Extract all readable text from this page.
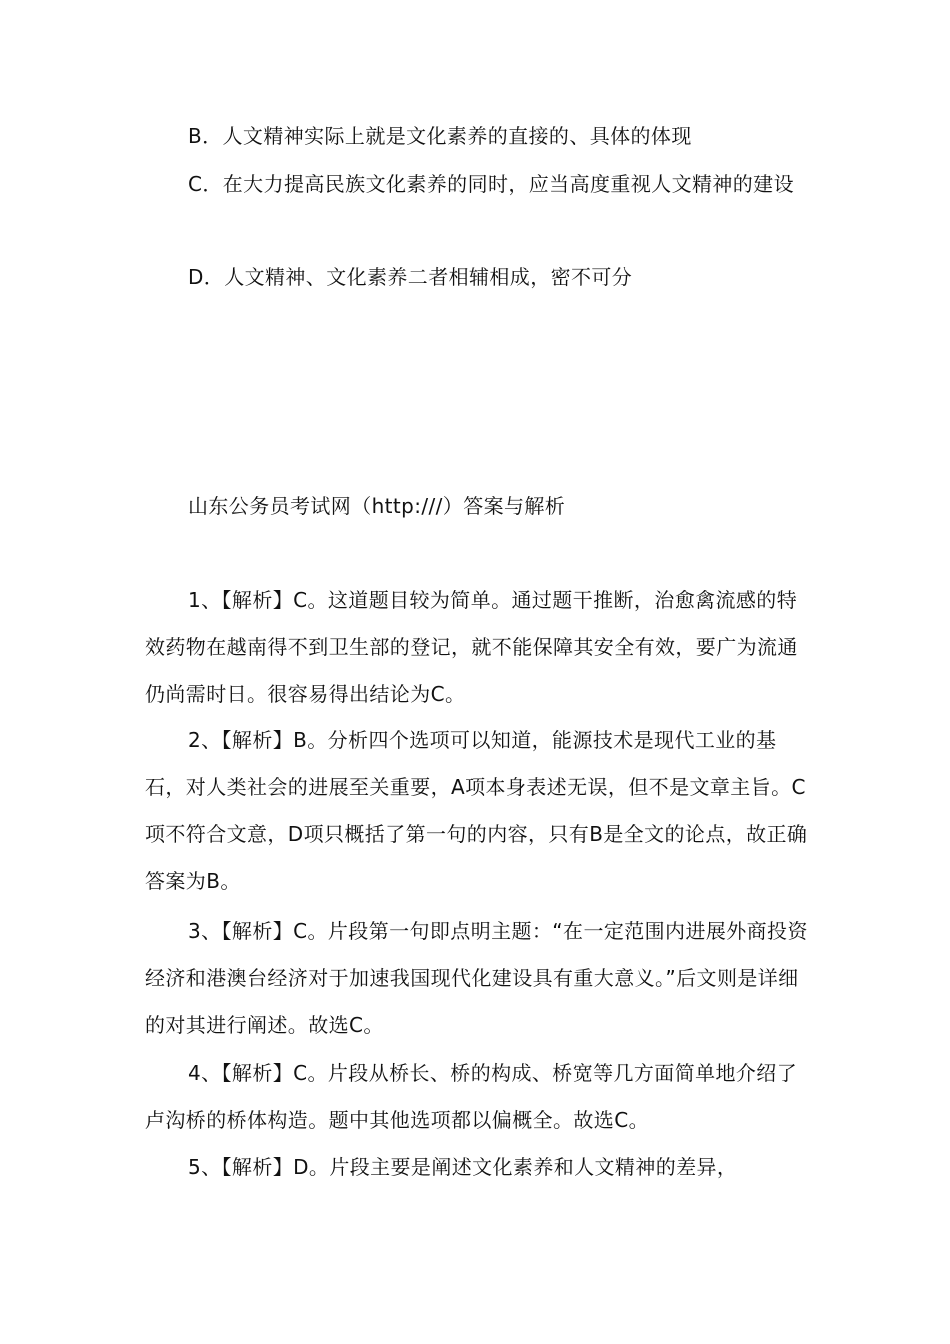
B．人文精神实际上就是文化素养的直接的、具体的体现

C．在大力提高民族文化素养的同时，应当高度重视人文精神的建设

D．人文精神、文化素养二者相辅相成，密不可分

山东公务员考试网（http:///）答案与解析

1、【解析】C。这道题目较为简单。通过题干推断，治愈禽流感的特效药物在越南得不到卫生部的登记，就不能保障其安全有效，要广为流通仍尚需时日。很容易得出结论为C。

2、【解析】B。分析四个选项可以知道，能源技术是现代工业的基石，对人类社会的进展至关重要，A项本身表述无误，但不是文章主旨。C项不符合文意，D项只概括了第一句的内容，只有B是全文的论点，故正确答案为B。

3、【解析】C。片段第一句即点明主题：“在一定范围内进展外商投资经济和港澳台经济对于加速我国现代化建设具有重大意义。”后文则是详细的对其进行阐述。故选C。

4、【解析】C。片段从桥长、桥的构成、桥宽等几方面简单地介绍了卢沟桥的桥体构造。题中其他选项都以偏概全。故选C。

5、【解析】D。片段主要是阐述文化素养和人文精神的差异，
